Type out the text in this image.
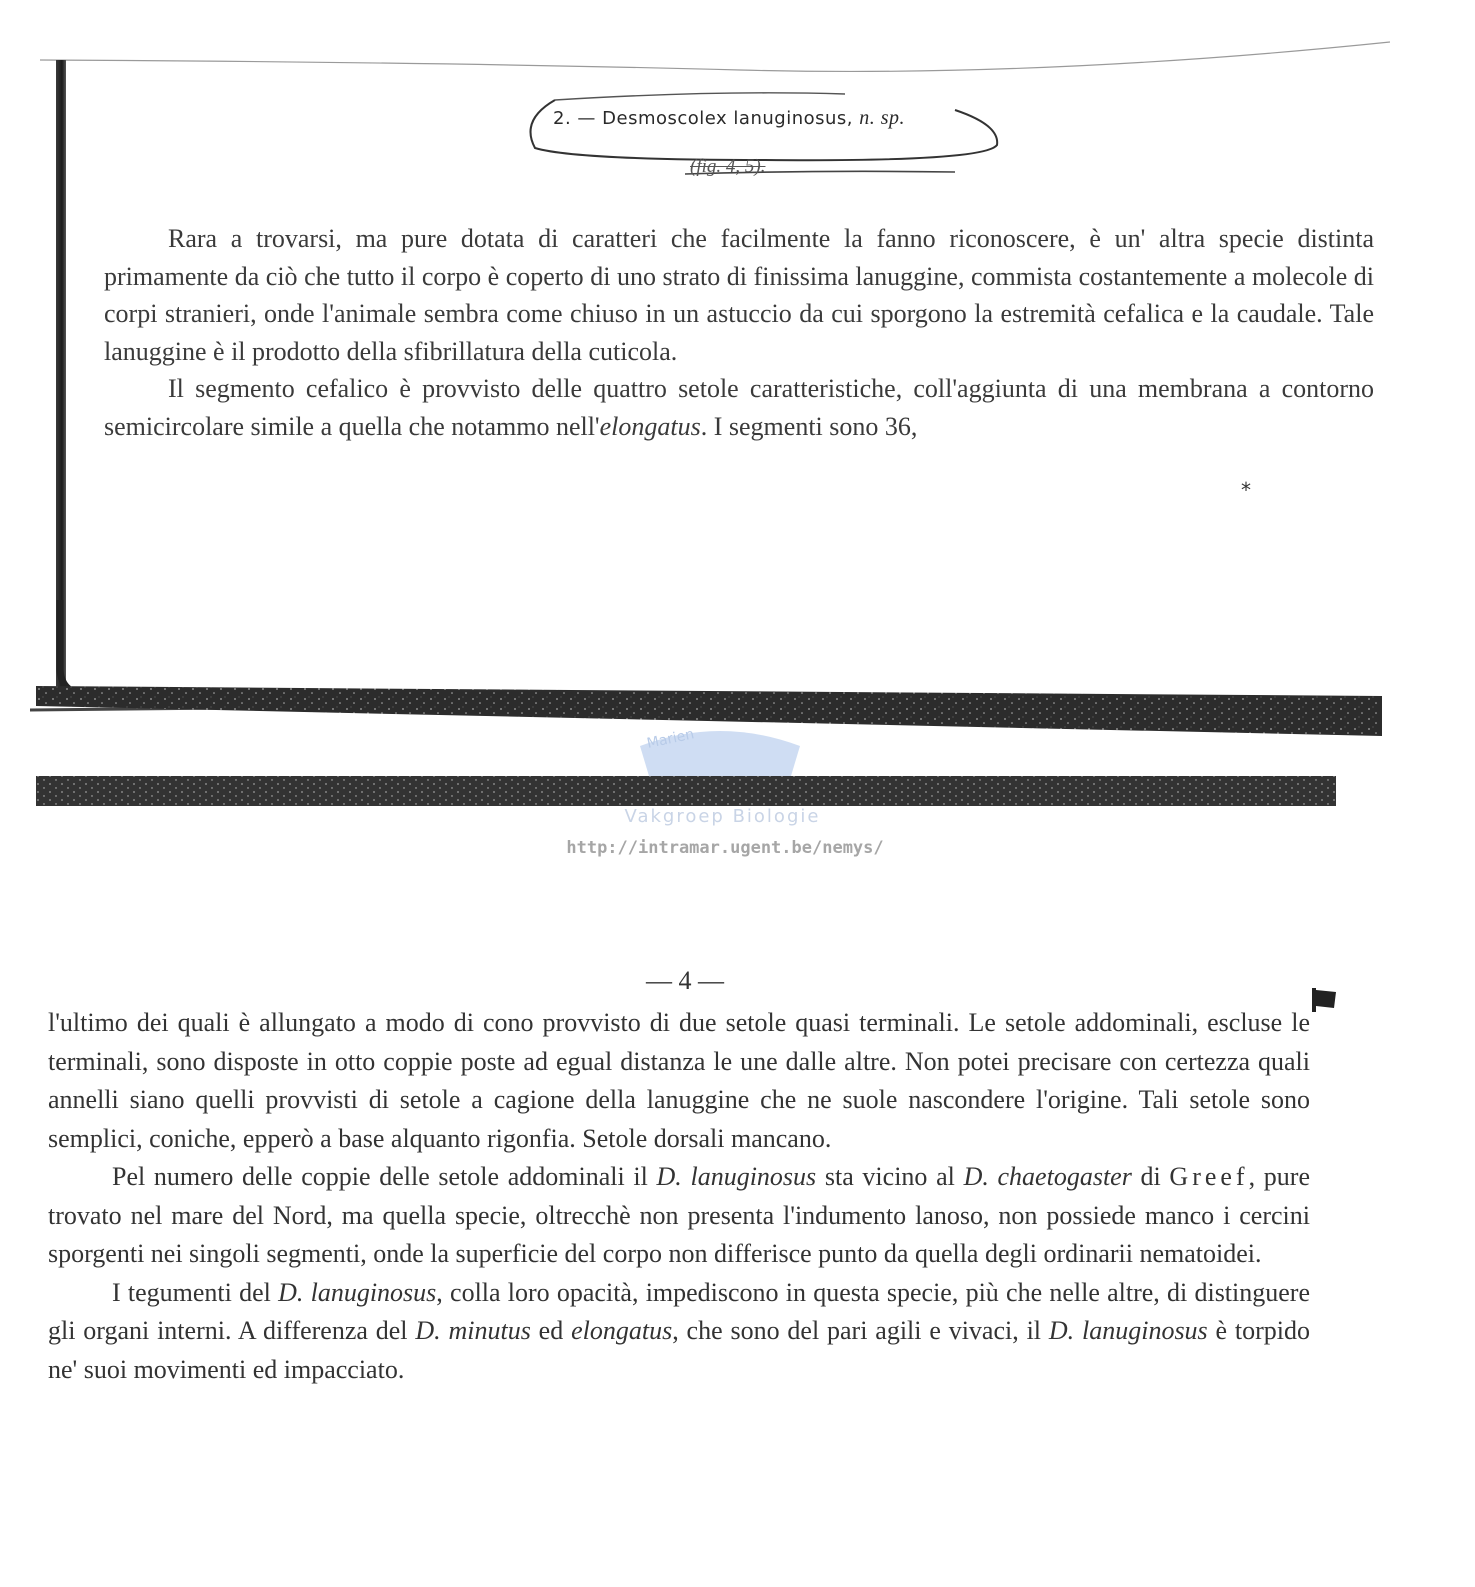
2. — Desmoscolex lanuginosus, n. sp.
(fig. 4, 5).

Rara a trovarsi, ma pure dotata di caratteri che facilmente la fanno riconoscere, è un' altra specie distinta primamente da ciò che tutto il corpo è coperto di uno strato di finissima lanuggine, commista costantemente a molecole di corpi stranieri, onde l'animale sembra come chiuso in un astuccio da cui sporgono la estremità cefalica e la caudale. Tale lanuggine è il prodotto della sfibrillatura della cuticola.

Il segmento cefalico è provvisto delle quattro setole caratteristiche, coll'aggiunta di una membrana a contorno semicircolare simile a quella che notammo nell'elongatus. I segmenti sono 36,

*
Marien
Vakgroep Biologie
http://intramar.ugent.be/nemys/
— 4 —

l'ultimo dei quali è allungato a modo di cono provvisto di due setole quasi terminali. Le setole addominali, escluse le terminali, sono disposte in otto coppie poste ad egual distanza le une dalle altre. Non potei precisare con certezza quali annelli siano quelli provvisti di setole a cagione della lanuggine che ne suole nascondere l'origine. Tali setole sono semplici, coniche, epperò a base alquanto rigonfia. Setole dorsali mancano.

Pel numero delle coppie delle setole addominali il D. lanuginosus sta vicino al D. chaetogaster di Greef, pure trovato nel mare del Nord, ma quella specie, oltrecchè non presenta l'indumento lanoso, non possiede manco i cercini sporgenti nei singoli segmenti, onde la superficie del corpo non differisce punto da quella degli ordinarii nematoidei.

I tegumenti del D. lanuginosus, colla loro opacità, impediscono in questa specie, più che nelle altre, di distinguere gli organi interni. A differenza del D. minutus ed elongatus, che sono del pari agili e vivaci, il D. lanuginosus è torpido ne' suoi movimenti ed impacciato.
